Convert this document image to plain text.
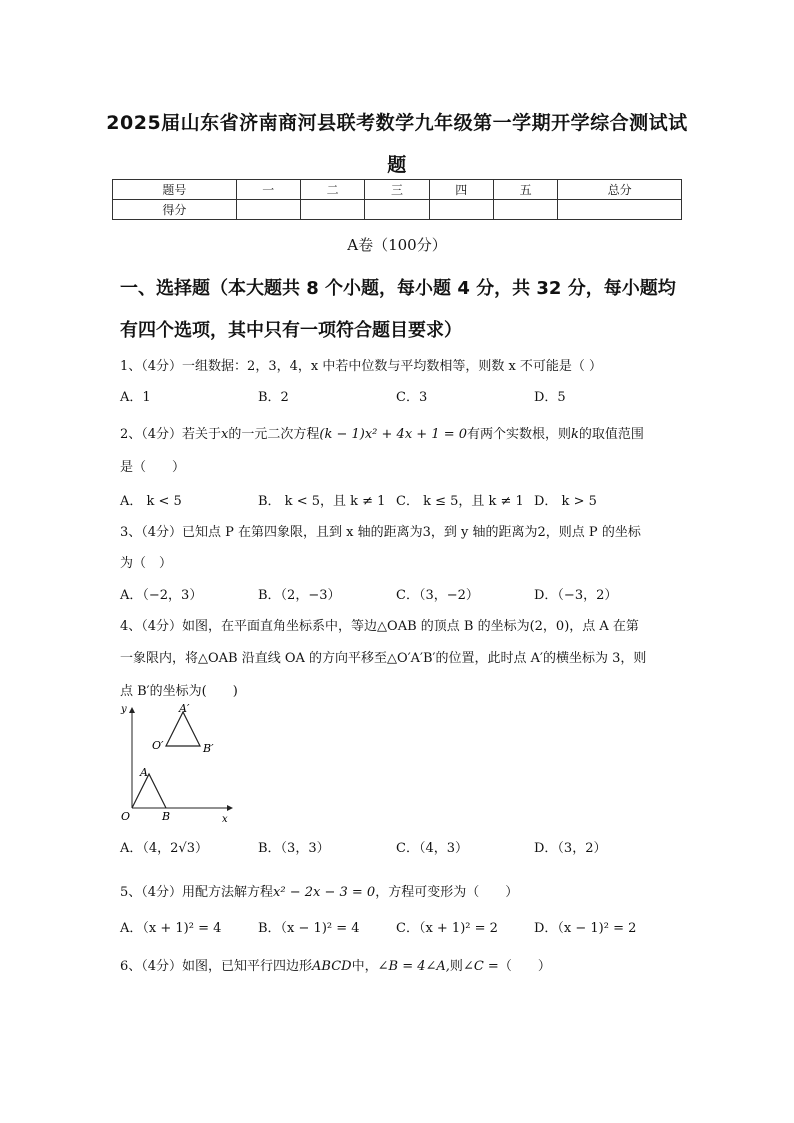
2025届山东省济南商河县联考数学九年级第一学期开学综合测试试
题
题号	一	二	三	四	五	总分
得分						
A卷（100分）
一、选择题（本大题共 8 个小题，每小题 4 分，共 32 分，每小题均
有四个选项，其中只有一项符合题目要求）
1、（4分）一组数据：2，3，4，x 中若中位数与平均数相等，则数 x 不可能是（ ）
A．1	B．2	C．3	D．5
2、（4分）若关于x的一元二次方程(k − 1)x² + 4x + 1 = 0有两个实数根，则k的取值范围
是（　　）
A． k < 5	B． k < 5，且 k ≠ 1 C． k ≤ 5，且 k ≠ 1 D． k > 5
3、（4分）已知点 P 在第四象限，且到 x 轴的距离为3，到 y 轴的距离为2，则点 P 的坐标
为（　）
A．（−2，3）	B．（2，−3）	C．（3，−2）	D．（−3，2）
4、（4分）如图，在平面直角坐标系中，等边△OAB 的顶点 B 的坐标为(2，0)，点 A 在第
一象限内，将△OAB 沿直线 OA 的方向平移至△O′A′B′的位置，此时点 A′的横坐标为 3，则
点 B′的坐标为(　　)
y
x
O
A
B
O′
A′
B′
A．（4，2√3）	B．（3，3）	C．（4，3）	D．（3，2）
5、（4分）用配方法解方程x² − 2x − 3 = 0，方程可变形为（　　）
A．（x + 1)² = 4	B．（x − 1)² = 4	C．（x + 1)² = 2	D．（x − 1)² = 2
6、（4分）如图，已知平行四边形ABCD中，∠B = 4∠A,则∠C =（　　）
